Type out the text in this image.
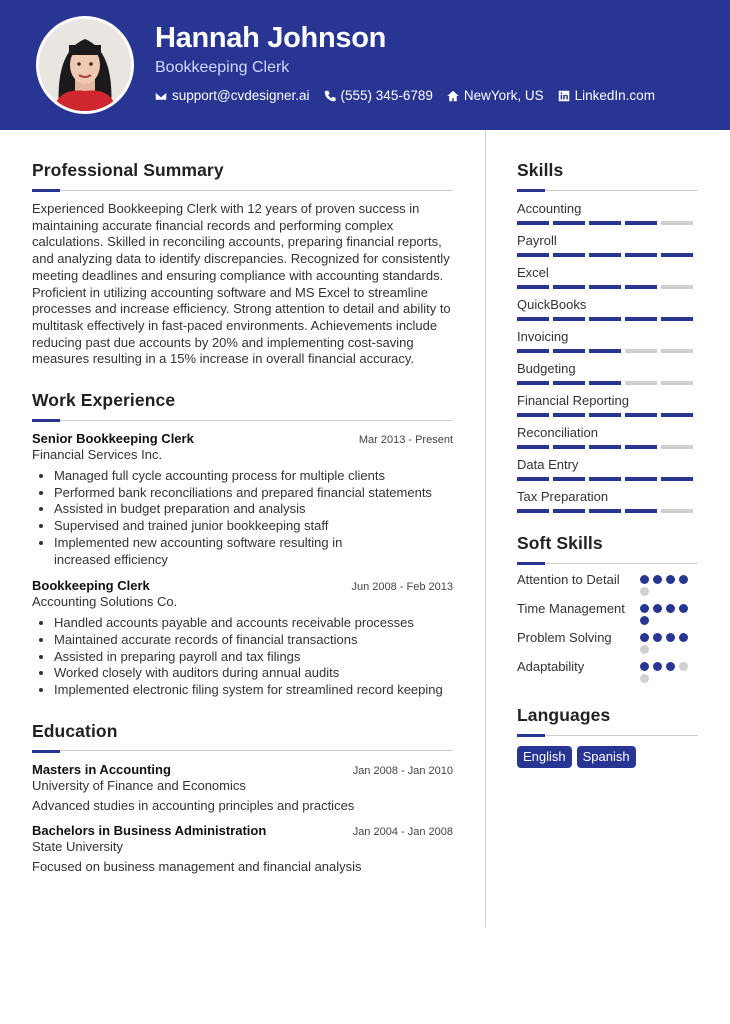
Hannah Johnson
Bookkeeping Clerk
support@cvdesigner.ai (555) 345-6789 NewYork, US LinkedIn.com
Professional Summary

Experienced Bookkeeping Clerk with 12 years of proven success in maintaining accurate financial records and performing complex calculations. Skilled in reconciling accounts, preparing financial reports, and analyzing data to identify discrepancies. Recognized for consistently meeting deadlines and ensuring compliance with accounting standards. Proficient in utilizing accounting software and MS Excel to streamline processes and increase efficiency. Strong attention to detail and ability to multitask effectively in fast-paced environments. Achievements include reducing past due accounts by 20% and implementing cost-saving measures resulting in a 15% increase in overall financial accuracy.

Work Experience
Senior Bookkeeping Clerk	Mar 2013 - Present
Financial Services Inc.
• Managed full cycle accounting process for multiple clients
• Performed bank reconciliations and prepared financial statements
• Assisted in budget preparation and analysis
• Supervised and trained junior bookkeeping staff
• Implemented new accounting software resulting in increased efficiency
Bookkeeping Clerk	Jun 2008 - Feb 2013
Accounting Solutions Co.
• Handled accounts payable and accounts receivable processes
• Maintained accurate records of financial transactions
• Assisted in preparing payroll and tax filings
• Worked closely with auditors during annual audits
• Implemented electronic filing system for streamlined record keeping
Education
Masters in Accounting	Jan 2008 - Jan 2010
University of Finance and Economics
Advanced studies in accounting principles and practices
Bachelors in Business Administration	Jan 2004 - Jan 2008
State University
Focused on business management and financial analysis
Skills
Accounting
Payroll
Excel
QuickBooks
Invoicing
Budgeting
Financial Reporting
Reconciliation
Data Entry
Tax Preparation
Soft Skills
Attention to Detail
Time Management
Problem Solving
Adaptability
Languages
English	Spanish
